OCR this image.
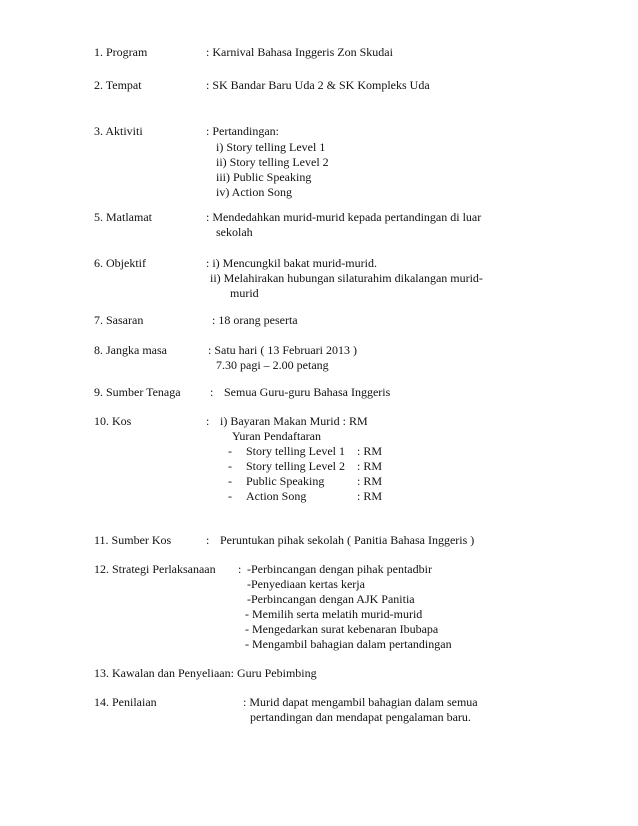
1. Program	: Karnival Bahasa Inggeris Zon Skudai
2. Tempat	: SK Bandar Baru Uda 2 & SK Kompleks Uda
3. Aktiviti	: Pertandingan:
i) Story telling Level 1
ii) Story telling Level 2
iii) Public Speaking
iv) Action Song
5. Matlamat	: Mendedahkan murid-murid kepada pertandingan di luar
sekolah
6. Objektif	: i) Mencungkil bakat murid-murid.
ii) Melahirakan hubungan silaturahim dikalangan murid-
murid
7. Sasaran	: 18 orang peserta
8. Jangka masa	: Satu hari ( 13 Februari 2013 )
7.30 pagi – 2.00 petang
9. Sumber Tenaga : Semua Guru-guru Bahasa Inggeris
10. Kos	: i) Bayaran Makan Murid : RM
Yuran Pendaftaran
- Story telling Level 1 : RM
- Story telling Level 2 : RM
- Public Speaking	: RM
- Action Song	: RM
11. Sumber Kos	: Peruntukan pihak sekolah ( Panitia Bahasa Inggeris )
12. Strategi Perlaksanaan : -Perbincangan dengan pihak pentadbir
-Penyediaan kertas kerja
-Perbincangan dengan AJK Panitia
- Memilih serta melatih murid-murid
- Mengedarkan surat kebenaran Ibubapa
- Mengambil bahagian dalam pertandingan
13. Kawalan dan Penyeliaan: Guru Pebimbing
14. Penilaian	: Murid dapat mengambil bahagian dalam semua
pertandingan dan mendapat pengalaman baru.
